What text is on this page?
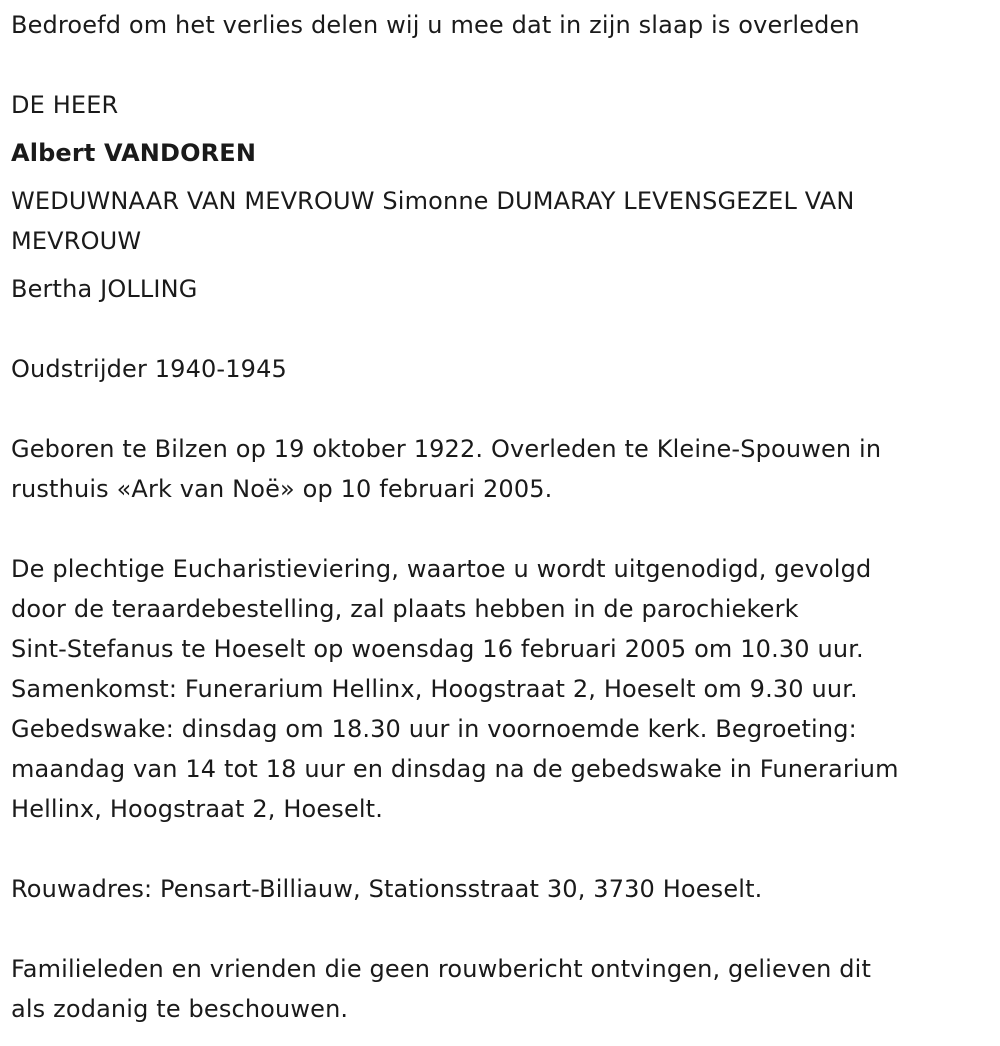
Bedroefd om het verlies delen wij u mee dat in zijn slaap is overleden
DE HEER
Albert VANDOREN
WEDUWNAAR VAN MEVROUW Simonne DUMARAY LEVENSGEZEL VAN
MEVROUW
Bertha JOLLING
Oudstrijder 1940-1945
Geboren te Bilzen op 19 oktober 1922. Overleden te Kleine-Spouwen in
rusthuis «Ark van Noë» op 10 februari 2005.
De plechtige Eucharistieviering, waartoe u wordt uitgenodigd, gevolgd
door de teraardebestelling, zal plaats hebben in de parochiekerk
Sint-Stefanus te Hoeselt op woensdag 16 februari 2005 om 10.30 uur.
Samenkomst: Funerarium Hellinx, Hoogstraat 2, Hoeselt om 9.30 uur.
Gebedswake: dinsdag om 18.30 uur in voornoemde kerk. Begroeting:
maandag van 14 tot 18 uur en dinsdag na de gebedswake in Funerarium
Hellinx, Hoogstraat 2, Hoeselt.
Rouwadres: Pensart-Billiauw, Stationsstraat 30, 3730 Hoeselt.
Familieleden en vrienden die geen rouwbericht ontvingen, gelieven dit
als zodanig te beschouwen.
